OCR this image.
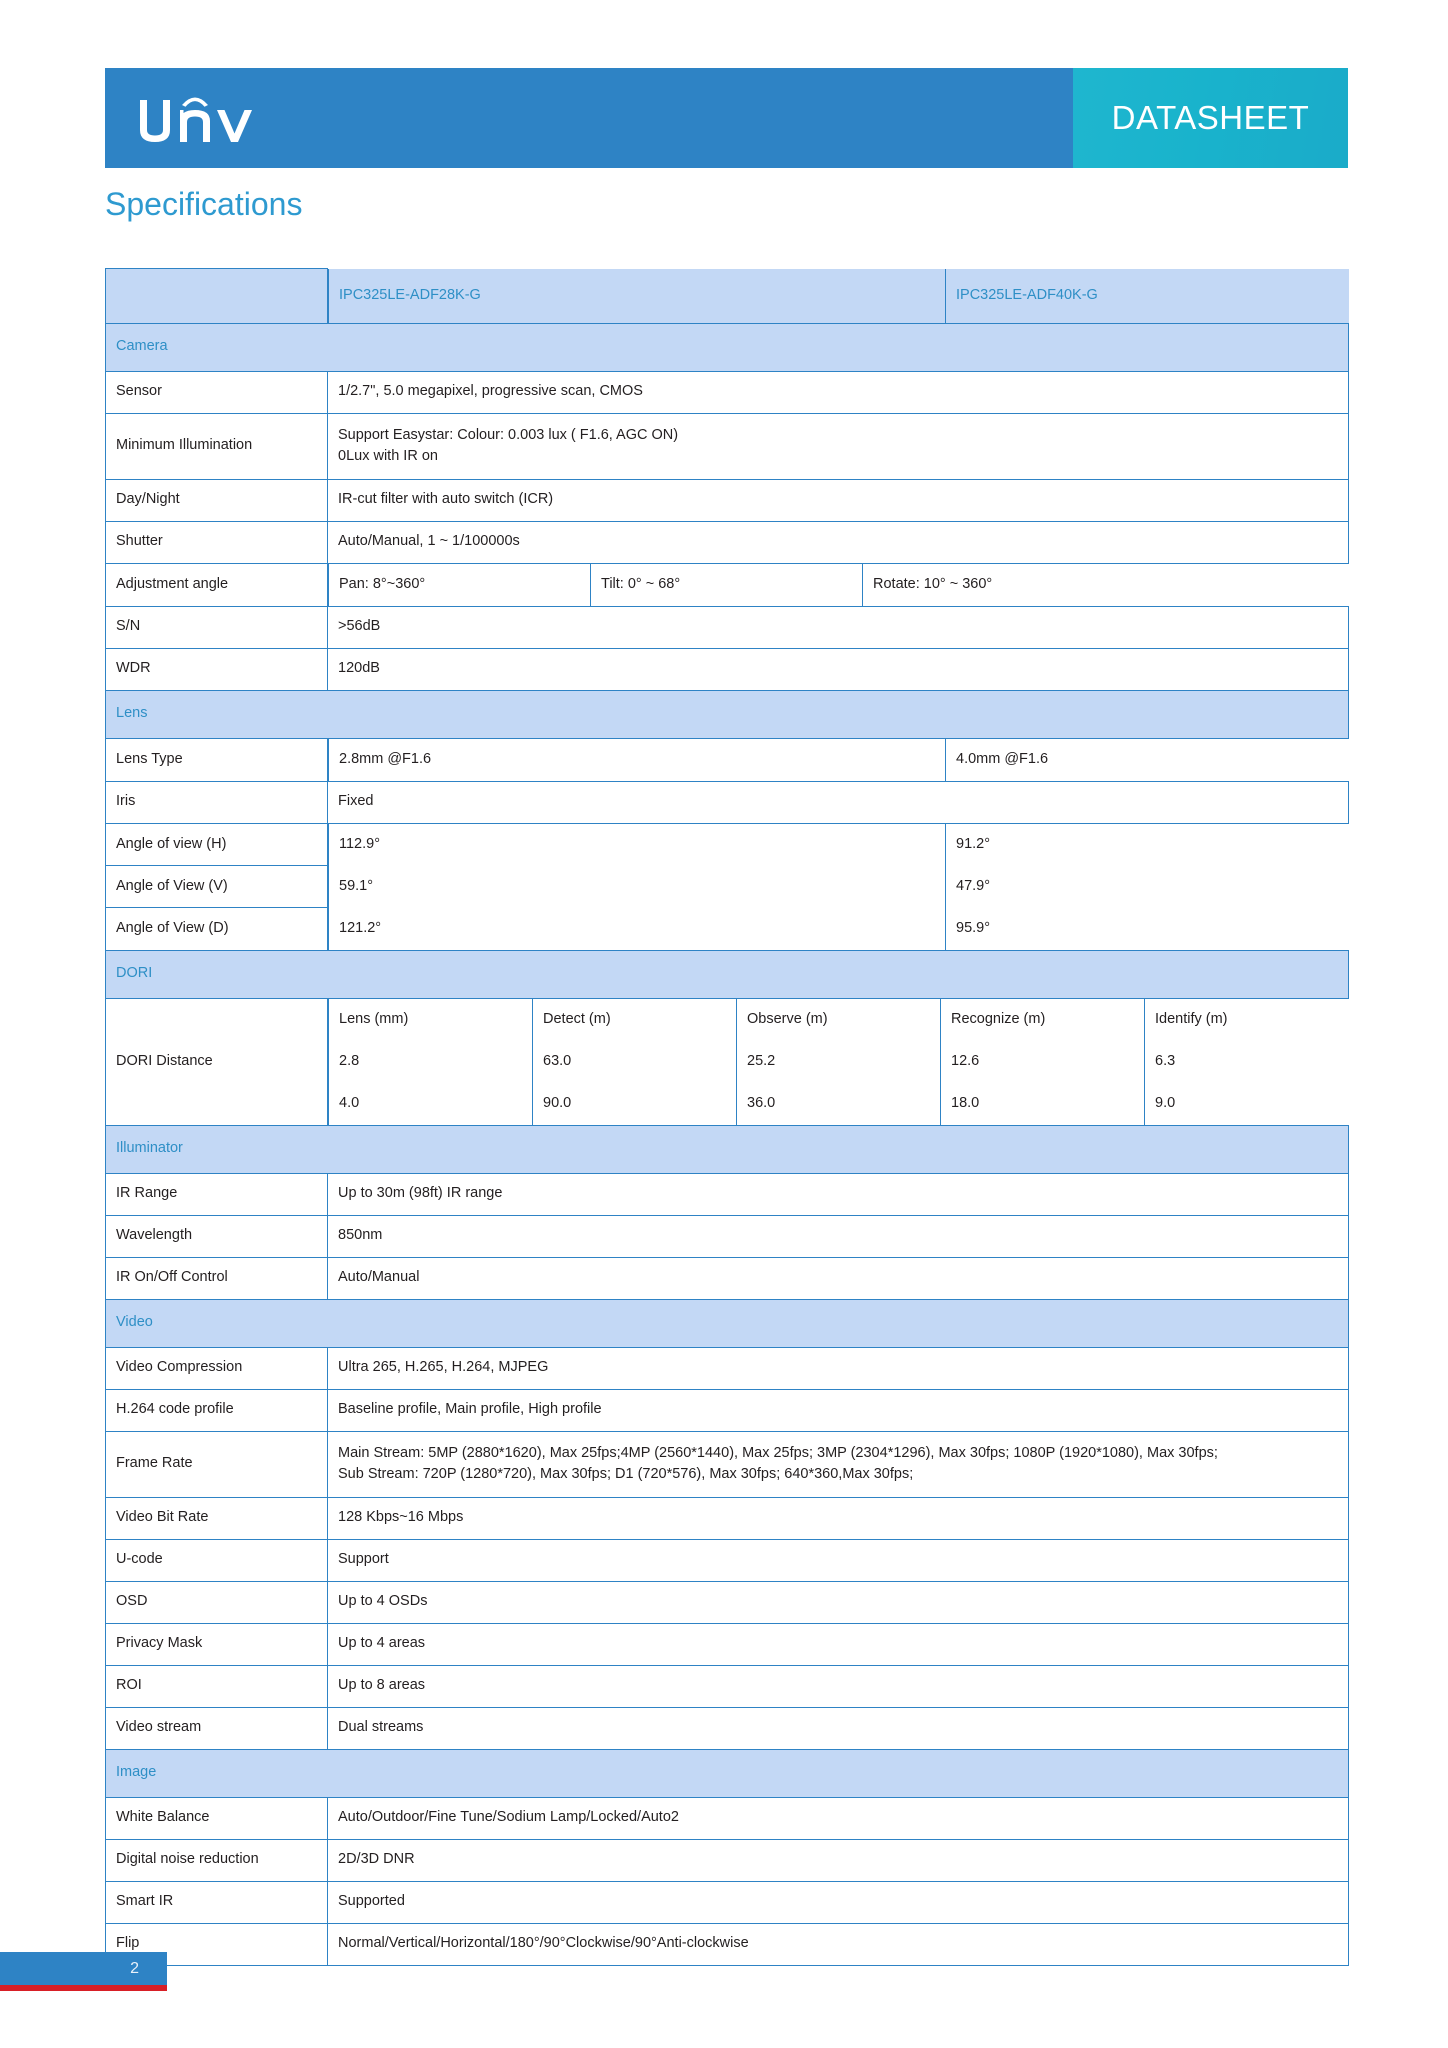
DATASHEET
Specifications

IPC325LE-ADF28K-G	IPC325LE-ADF40K-G

Camera
Sensor	1/2.7", 5.0 megapixel, progressive scan, CMOS
Minimum Illumination	
Support Easystar: Colour: 0.003 lux ( F1.6, AGC ON)
0Lux with IR on

Day/Night	IR-cut filter with auto switch (ICR)
Shutter	Auto/Manual, 1 ~ 1/100000s
Adjustment angle		Pan: 8°~360°	Tilt: 0° ~ 68°	Rotate: 10° ~ 360°

S/N	>56dB
WDR	120dB
Lens
Lens Type		2.8mm @F1.6	4.0mm @F1.6

Iris	Fixed
Angle of view (H)		112.9°	91.2°

Angle of View (V)		59.1°	47.9°

Angle of View (D)		121.2°	95.9°

DORI
DORI Distance	
Lens (mm)	Detect (m)	Observe (m)	Recognize (m)	Identify (m)

2.8	63.0	25.2	12.6	6.3

4.0	90.0	36.0	18.0	9.0

Illuminator
IR Range	Up to 30m (98ft) IR range
Wavelength	850nm
IR On/Off Control	Auto/Manual
Video
Video Compression	Ultra 265, H.265, H.264, MJPEG
H.264 code profile	Baseline profile, Main profile, High profile
Frame Rate	
Main Stream: 5MP (2880*1620), Max 25fps;4MP (2560*1440), Max 25fps; 3MP (2304*1296), Max 30fps; 1080P (1920*1080), Max 30fps;
Sub Stream: 720P (1280*720), Max 30fps; D1 (720*576), Max 30fps; 640*360,Max 30fps;

Video Bit Rate	128 Kbps~16 Mbps
U-code	Support
OSD	Up to 4 OSDs
Privacy Mask	Up to 4 areas
ROI	Up to 8 areas
Video stream	Dual streams
Image
White Balance	Auto/Outdoor/Fine Tune/Sodium Lamp/Locked/Auto2
Digital noise reduction	2D/3D DNR
Smart IR	Supported
Flip	Normal/Vertical/Horizontal/180°/90°Clockwise/90°Anti-clockwise
2
